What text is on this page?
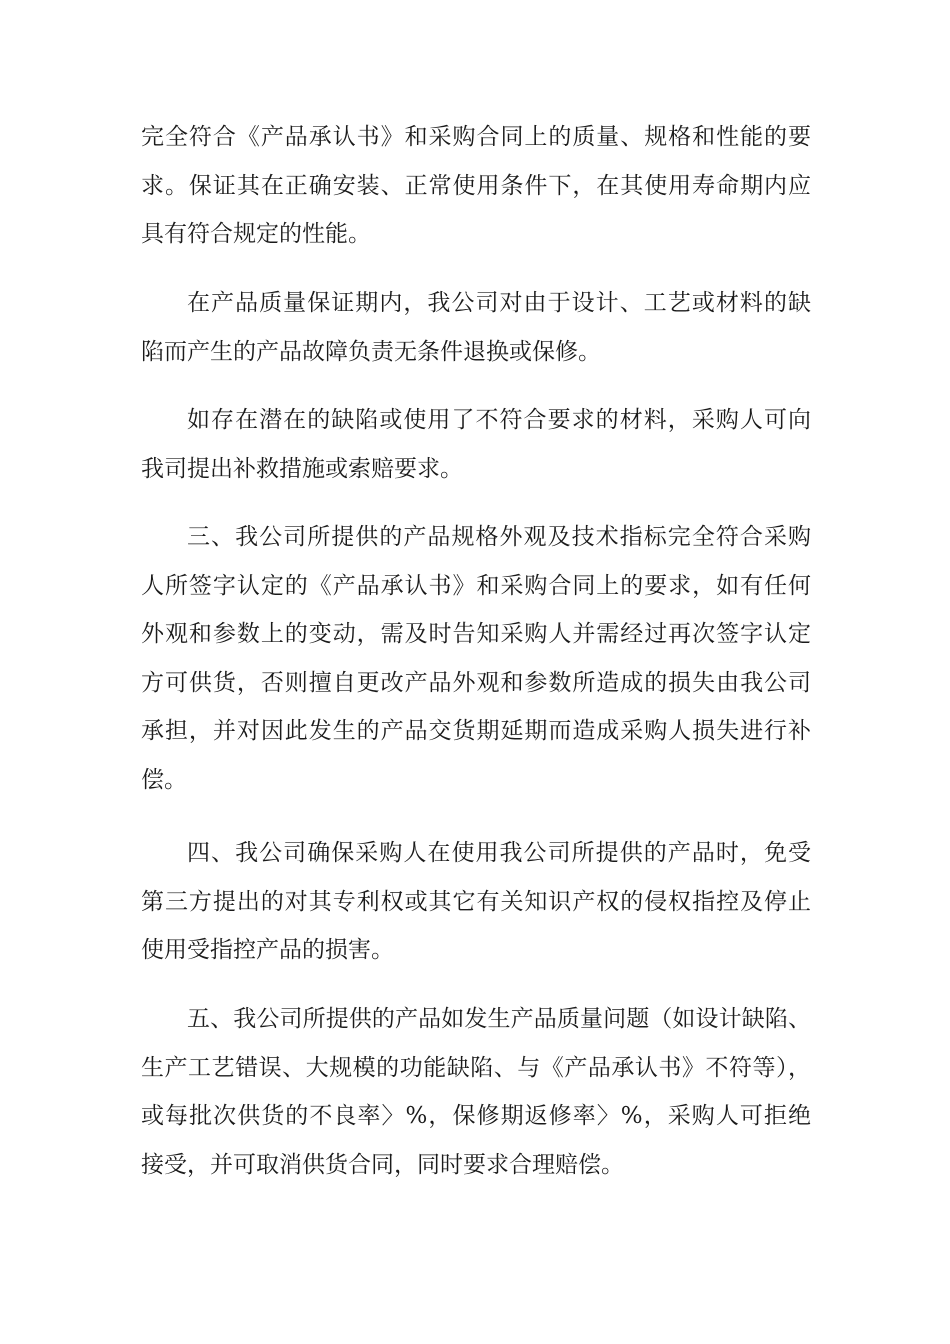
完全符合《产品承认书》和采购合同上的质量、规格和性能的要
求。保证其在正确安装、正常使用条件下，在其使用寿命期内应
具有符合规定的性能。
在产品质量保证期内，我公司对由于设计、工艺或材料的缺
陷而产生的产品故障负责无条件退换或保修。
如存在潜在的缺陷或使用了不符合要求的材料，采购人可向
我司提出补救措施或索赔要求。
三、我公司所提供的产品规格外观及技术指标完全符合采购
人所签字认定的《产品承认书》和采购合同上的要求，如有任何
外观和参数上的变动，需及时告知采购人并需经过再次签字认定
方可供货，否则擅自更改产品外观和参数所造成的损失由我公司
承担，并对因此发生的产品交货期延期而造成采购人损失进行补
偿。
四、我公司确保采购人在使用我公司所提供的产品时，免受
第三方提出的对其专利权或其它有关知识产权的侵权指控及停止
使用受指控产品的损害。
五、我公司所提供的产品如发生产品质量问题（如设计缺陷、
生产工艺错误、大规模的功能缺陷、与《产品承认书》不符等），
或每批次供货的不良率〉%，保修期返修率〉%，采购人可拒绝
接受，并可取消供货合同，同时要求合理赔偿。
